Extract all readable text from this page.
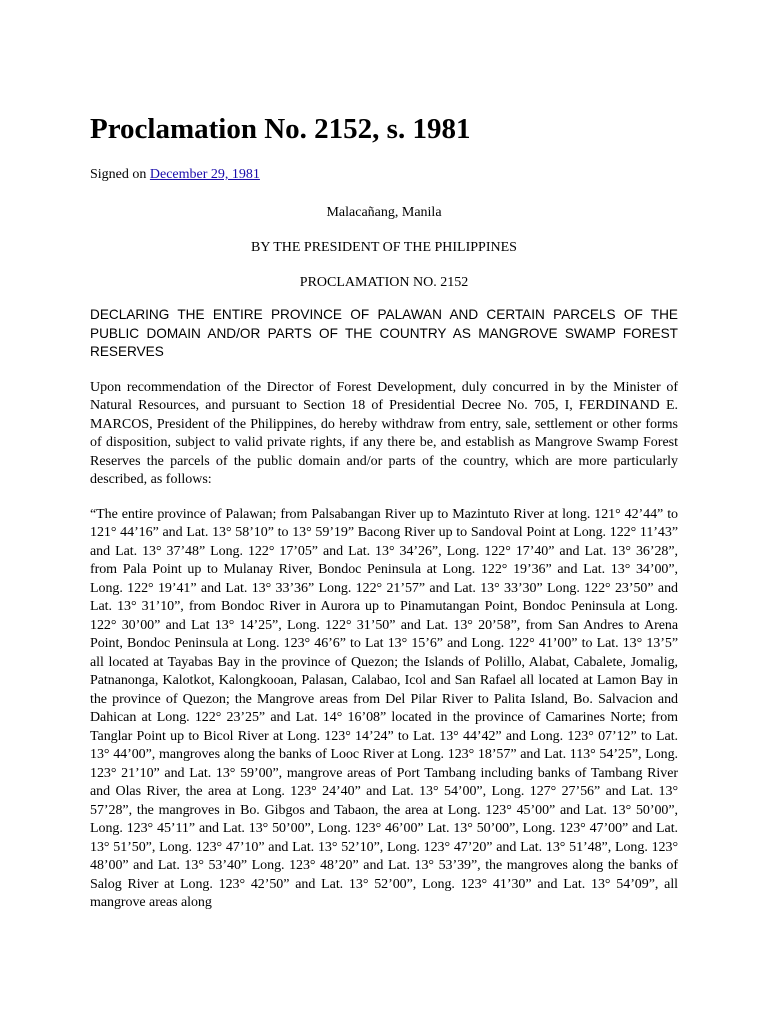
Proclamation No. 2152, s. 1981

Signed on December 29, 1981

Malacañang, Manila

BY THE PRESIDENT OF THE PHILIPPINES

PROCLAMATION NO. 2152

DECLARING THE ENTIRE PROVINCE OF PALAWAN AND CERTAIN PARCELS OF THE PUBLIC DOMAIN AND/OR PARTS OF THE COUNTRY AS MANGROVE SWAMP FOREST RESERVES

Upon recommendation of the Director of Forest Development, duly concurred in by the Minister of Natural Resources, and pursuant to Section 18 of Presidential Decree No. 705, I, FERDINAND E. MARCOS, President of the Philippines, do hereby withdraw from entry, sale, settlement or other forms of disposition, subject to valid private rights, if any there be, and establish as Mangrove Swamp Forest Reserves the parcels of the public domain and/or parts of the country, which are more particularly described, as follows:

“The entire province of Palawan; from Palsabangan River up to Mazintuto River at long. 121° 42’44” to 121° 44’16” and Lat. 13° 58’10” to 13° 59’19” Bacong River up to Sandoval Point at Long. 122° 11’43” and Lat. 13° 37’48” Long. 122° 17’05” and Lat. 13° 34’26”, Long. 122° 17’40” and Lat. 13° 36’28”, from Pala Point up to Mulanay River, Bondoc Peninsula at Long. 122° 19’36” and Lat. 13° 34’00”, Long. 122° 19’41” and Lat. 13° 33’36” Long. 122° 21’57” and Lat. 13° 33’30” Long. 122° 23’50” and Lat. 13° 31’10”, from Bondoc River in Aurora up to Pinamutangan Point, Bondoc Peninsula at Long. 122° 30’00” and Lat 13° 14’25”, Long. 122° 31’50” and Lat. 13° 20’58”, from San Andres to Arena Point, Bondoc Peninsula at Long. 123° 46’6” to Lat 13° 15’6” and Long. 122° 41’00” to Lat. 13° 13’5” all located at Tayabas Bay in the province of Quezon; the Islands of Polillo, Alabat, Cabalete, Jomalig, Patnanonga, Kalotkot, Kalongkooan, Palasan, Calabao, Icol and San Rafael all located at Lamon Bay in the province of Quezon; the Mangrove areas from Del Pilar River to Palita Island, Bo. Salvacion and Dahican at Long. 122° 23’25” and Lat. 14° 16’08” located in the province of Camarines Norte; from Tanglar Point up to Bicol River at Long. 123° 14’24” to Lat. 13° 44’42” and Long. 123° 07’12” to Lat. 13° 44’00”, mangroves along the banks of Looc River at Long. 123° 18’57” and Lat. 113° 54’25”, Long. 123° 21’10” and Lat. 13° 59’00”, mangrove areas of Port Tambang including banks of Tambang River and Olas River, the area at Long. 123° 24’40” and Lat. 13° 54’00”, Long. 127° 27’56” and Lat. 13° 57’28”, the mangroves in Bo. Gibgos and Tabaon, the area at Long. 123° 45’00” and Lat. 13° 50’00”, Long. 123° 45’11” and Lat. 13° 50’00”, Long. 123° 46’00” Lat. 13° 50’00”, Long. 123° 47’00” and Lat. 13° 51’50”, Long. 123° 47’10” and Lat. 13° 52’10”, Long. 123° 47’20” and Lat. 13° 51’48”, Long. 123° 48’00” and Lat. 13° 53’40” Long. 123° 48’20” and Lat. 13° 53’39”, the mangroves along the banks of Salog River at Long. 123° 42’50” and Lat. 13° 52’00”, Long. 123° 41’30” and Lat. 13° 54’09”, all mangrove areas along
